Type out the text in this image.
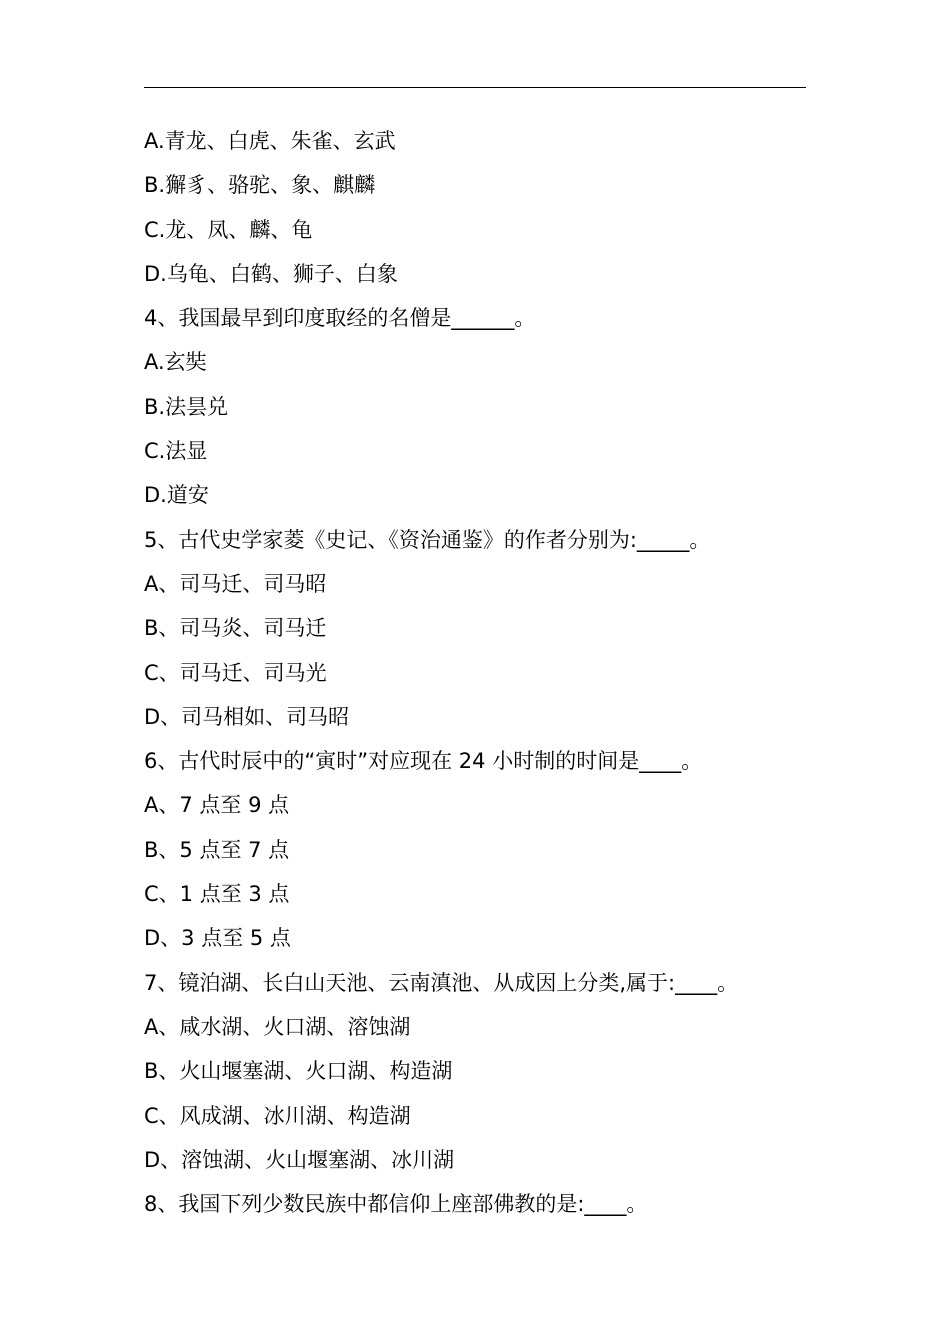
A.青龙、白虎、朱雀、玄武
B.獬豸、骆驼、象、麒麟
C.龙、凤、麟、龟
D.乌龟、白鹤、狮子、白象
4、我国最早到印度取经的名僧是______。
A.玄奘
B.法昙兑
C.法显
D.道安
5、古代史学家菱《史记、《资治通鉴》的作者分别为:_____。
A、司马迁、司马昭
B、司马炎、司马迁
C、司马迁、司马光
D、司马相如、司马昭
6、古代时辰中的“寅时”对应现在 24 小时制的时间是____。
A、7 点至 9 点
B、5 点至 7 点
C、1 点至 3 点
D、3 点至 5 点
7、镜泊湖、长白山天池、云南滇池、从成因上分类,属于:____。
A、咸水湖、火口湖、溶蚀湖
B、火山堰塞湖、火口湖、构造湖
C、风成湖、冰川湖、构造湖
D、溶蚀湖、火山堰塞湖、冰川湖
8、我国下列少数民族中都信仰上座部佛教的是:____。
